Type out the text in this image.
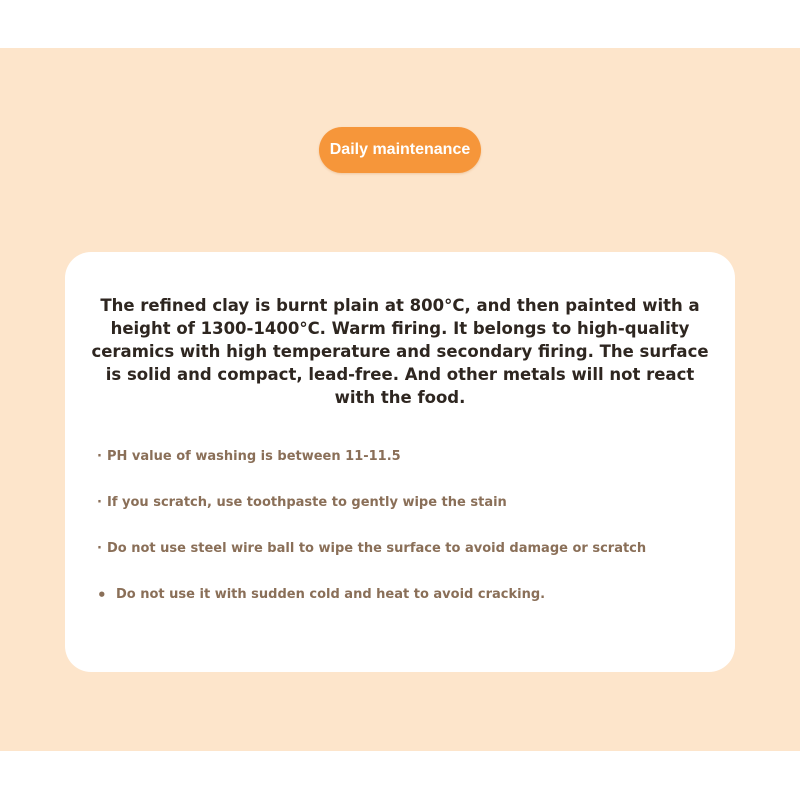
Daily maintenance

The refined clay is burnt plain at 800°C, and then painted with a height of 1300-1400°C. Warm firing. It belongs to high-quality ceramics with high temperature and secondary firing. The surface is solid and compact, lead-free. And other metals will not react with the food.

· PH value of washing is between 11-11.5
· If you scratch, use toothpaste to gently wipe the stain
· Do not use steel wire ball to wipe the surface to avoid damage or scratch
• Do not use it with sudden cold and heat to avoid cracking.
